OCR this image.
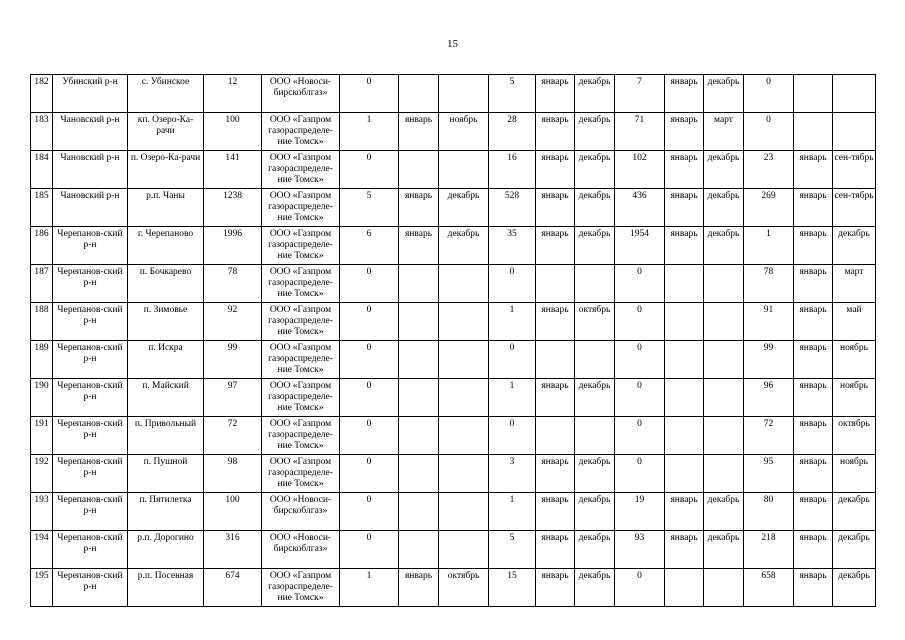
15
182	Убинский р-н	с. Убинское	12	ООО «Новоси-бирскоблгаз»	0			5	январь	декабрь	7	январь	декабрь	0		
183	Чановский р-н	кп. Озеро-Ка-рачи	100	ООО «Газпром газораспределе-ние Томск»	1	январь	ноябрь	28	январь	декабрь	71	январь	март	0		
184	Чановский р-н	п. Озеро-Ка-рачи	141	ООО «Газпром газораспределе-ние Томск»	0			16	январь	декабрь	102	январь	декабрь	23	январь	сен-тябрь
185	Чановский р-н	р.п. Чаны	1238	ООО «Газпром газораспределе-ние Томск»	5	январь	декабрь	528	январь	декабрь	436	январь	декабрь	269	январь	сен-тябрь
186	Черепанов-ский р-н	г. Черепаново	1996	ООО «Газпром газораспределе-ние Томск»	6	январь	декабрь	35	январь	декабрь	1954	январь	декабрь	1	январь	декабрь
187	Черепанов-ский р-н	п. Бочкарево	78	ООО «Газпром газораспределе-ние Томск»	0			0			0			78	январь	март
188	Черепанов-ский р-н	п. Зимовье	92	ООО «Газпром газораспределе-ние Томск»	0			1	январь	октябрь	0			91	январь	май
189	Черепанов-ский р-н	п. Искра	99	ООО «Газпром газораспределе-ние Томск»	0			0			0			99	январь	ноябрь
190	Черепанов-ский р-н	п. Майский	97	ООО «Газпром газораспределе-ние Томск»	0			1	январь	декабрь	0			96	январь	ноябрь
191	Черепанов-ский р-н	п. Привольный	72	ООО «Газпром газораспределе-ние Томск»	0			0			0			72	январь	октябрь
192	Черепанов-ский р-н	п. Пушной	98	ООО «Газпром газораспределе-ние Томск»	0			3	январь	декабрь	0			95	январь	ноябрь
193	Черепанов-ский р-н	п. Пятилетка	100	ООО «Новоси-бирскоблгаз»	0			1	январь	декабрь	19	январь	декабрь	80	январь	декабрь
194	Черепанов-ский р-н	р.п. Дорогино	316	ООО «Новоси-бирскоблгаз»	0			5	январь	декабрь	93	январь	декабрь	218	январь	декабрь
195	Черепанов-ский р-н	р.п. Посевная	674	ООО «Газпром газораспределе-ние Томск»	1	январь	октябрь	15	январь	декабрь	0			658	январь	декабрь
